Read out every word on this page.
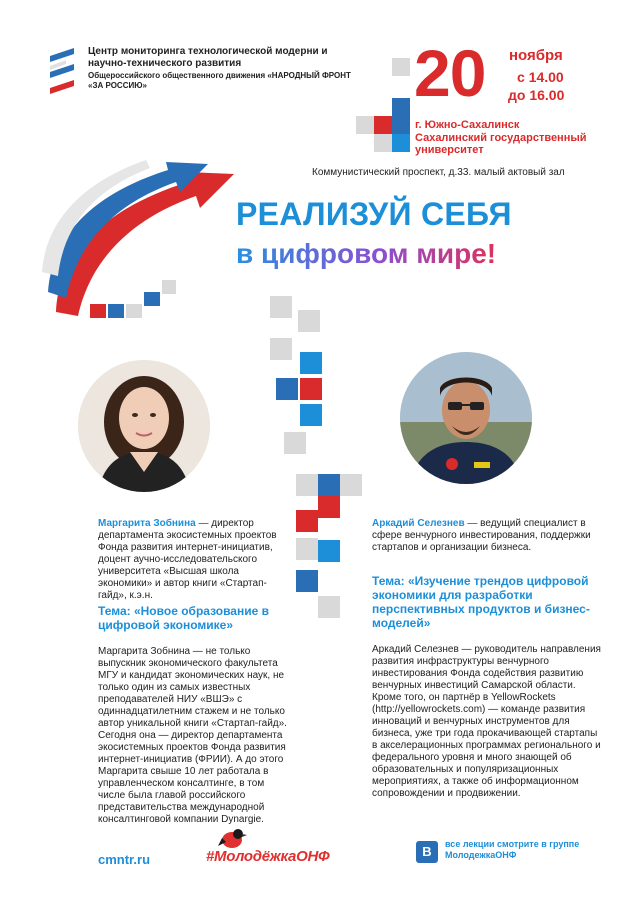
Центр мониторинга технологической модерни и научно-технического развития
Общероссийского общественного движения «НАРОДНЫЙ ФРОНТ «ЗА РОССИЮ»	20 ноября
с 14.00
до 16.00
г. Южно-Сахалинск
Сахалинский государственный университет
Коммунистический проспект, д.33. малый актовый зал
РЕАЛИЗУЙ СЕБЯ
в цифровом мире!
Маргарита Зобнина — директор департамента экосистемных проектов Фонда развития интернет-инициатив, доцент аучно-исследовательского университета «Высшая школа экономики» и автор книги «Стартап-гайд», к.э.н.
Тема: «Новое образование в цифровой экономике»
Маргарита Зобнина — не только выпускник экономического факультета МГУ и кандидат экономических наук, не только один из самых известных преподавателей НИУ «ВШЭ» с одиннадцатилетним стажем и не только автор уникальной книги «Стартап-гайд». Сегодня она — директор департамента экосистемных проектов Фонда развития интернет-инициатив (ФРИИ). А до этого Маргарита свыше 10 лет работала в управленческом консалтинге, в том числе была главой российского представительства международной консалтинговой компании Dynargie.
Аркадий Селезнев — ведущий специалист в сфере венчурного инвестирования, поддержки стартапов и организации бизнеса.
Тема: «Изучение трендов цифровой экономики для разработки перспективных продуктов и бизнес-моделей»
Аркадий Селезнев — руководитель направления развития инфраструктуры венчурного инвестирования Фонда содействия развитию венчурных инвестиций Самарской области. Кроме того, он партнёр в YellowRockets (http://yellowrockets.com) — команде развития инноваций и венчурных инструментов для бизнеса, уже три года прокачивающей стартапы в акселерационных программах регионального и федерального уровня и много знающей об образовательных и популяризационных мероприятиях, а также об информационном сопровождении и продвижении.
cmntr.ru	#МолодёжкаОНФ	B	все лекции смотрите в группе МолодежкаОНФ
